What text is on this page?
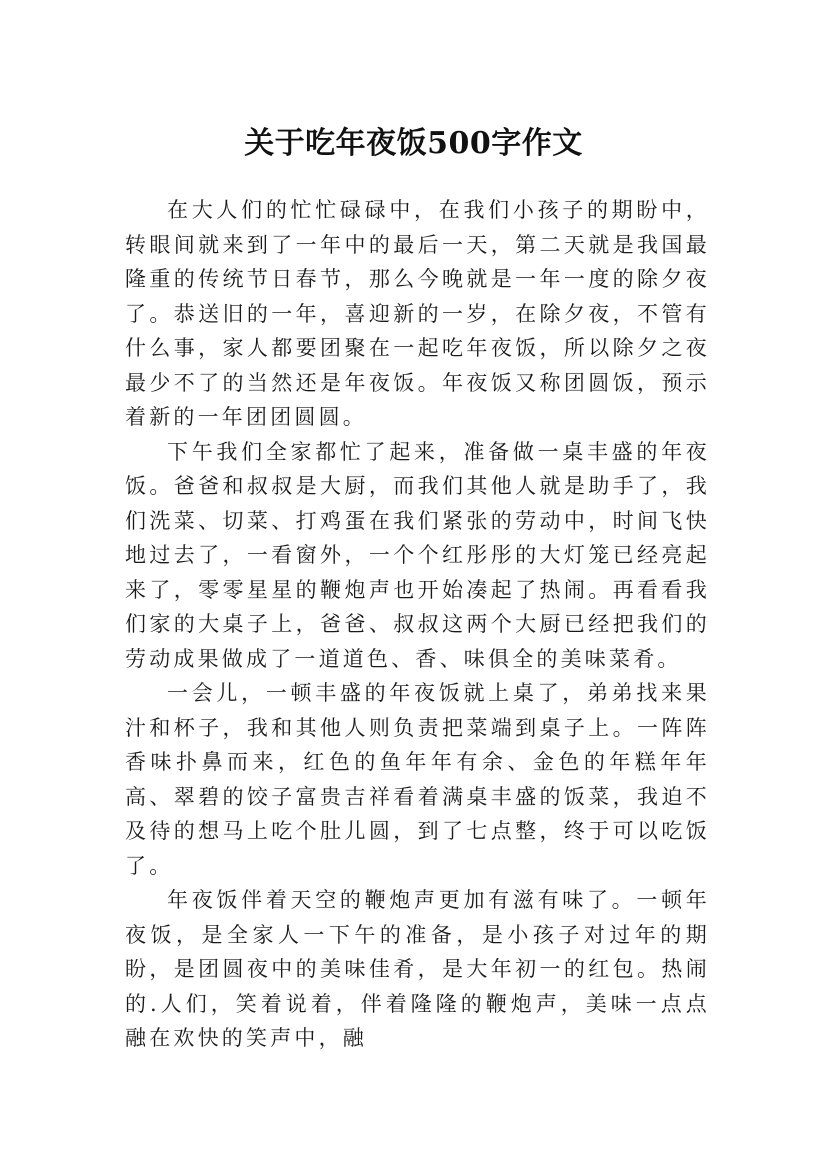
关于吃年夜饭500字作文

在大人们的忙忙碌碌中，在我们小孩子的期盼中，转眼间就来到了一年中的最后一天，第二天就是我国最隆重的传统节日春节，那么今晚就是一年一度的除夕夜了。恭送旧的一年，喜迎新的一岁，在除夕夜，不管有什么事，家人都要团聚在一起吃年夜饭，所以除夕之夜最少不了的当然还是年夜饭。年夜饭又称团圆饭，预示着新的一年团团圆圆。

下午我们全家都忙了起来，准备做一桌丰盛的年夜饭。爸爸和叔叔是大厨，而我们其他人就是助手了，我们洗菜、切菜、打鸡蛋在我们紧张的劳动中，时间飞快地过去了，一看窗外，一个个红彤彤的大灯笼已经亮起来了，零零星星的鞭炮声也开始凑起了热闹。再看看我们家的大桌子上，爸爸、叔叔这两个大厨已经把我们的劳动成果做成了一道道色、香、味俱全的美味菜肴。

一会儿，一顿丰盛的年夜饭就上桌了，弟弟找来果汁和杯子，我和其他人则负责把菜端到桌子上。一阵阵香味扑鼻而来，红色的鱼年年有余、金色的年糕年年高、翠碧的饺子富贵吉祥看着满桌丰盛的饭菜，我迫不及待的想马上吃个肚儿圆，到了七点整，终于可以吃饭了。

年夜饭伴着天空的鞭炮声更加有滋有味了。一顿年夜饭，是全家人一下午的准备，是小孩子对过年的期盼，是团圆夜中的美味佳肴，是大年初一的红包。热闹的.人们，笑着说着，伴着隆隆的鞭炮声，美味一点点融在欢快的笑声中，融
